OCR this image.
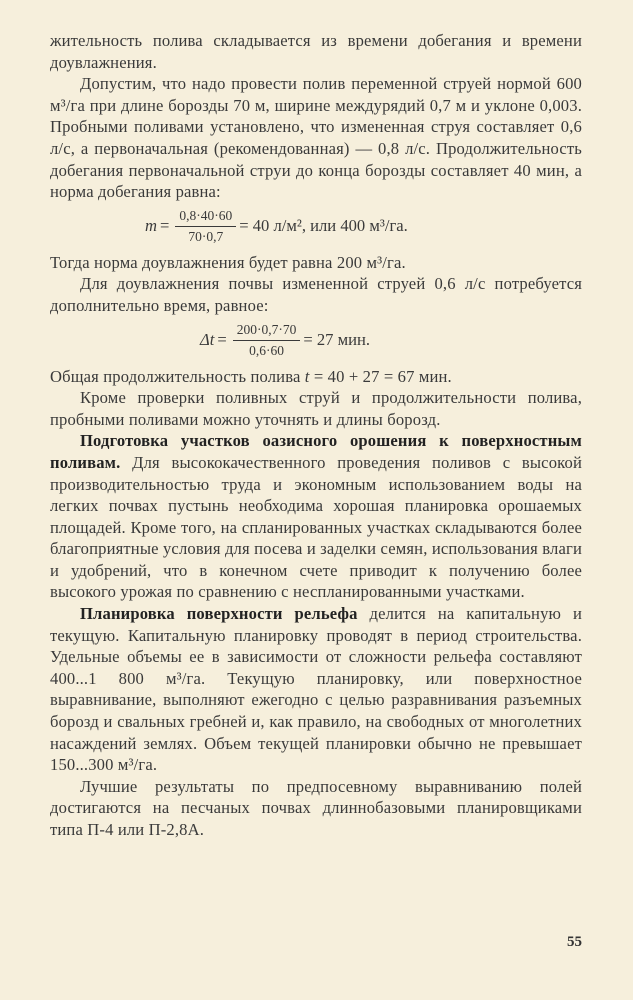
жительность полива складывается из времени добегания и времени доувлажнения.

Допустим, что надо провести полив переменной струей нормой 600 м³/га при длине борозды 70 м, ширине междурядий 0,7 м и уклоне 0,003. Пробными поливами установлено, что измененная струя составляет 0,6 л/с, а первоначальная (рекомендованная) — 0,8 л/с. Продолжительность добегания первоначальной струи до конца борозды составляет 40 мин, а норма добегания равна:

$m = \frac{0,8\cdot 40\cdot 60}{70\cdot 0,7} = 40$ л/м², или 400 м³/га.

Тогда норма доувлажнения будет равна 200 м³/га.

Для доувлажнения почвы измененной струей 0,6 л/с потребуется дополнительно время, равное:

$\Delta t = \frac{200\cdot 0,7\cdot 70}{0,6\cdot 60} = 27$ мин.

Общая продолжительность полива t = 40 + 27 = 67 мин.

Кроме проверки поливных струй и продолжительности полива, пробными поливами можно уточнять и длины борозд.

Подготовка участков оазисного орошения к поверхностным поливам. Для высококачественного проведения поливов с высокой производительностью труда и экономным использованием воды на легких почвах пустынь необходима хорошая планировка орошаемых площадей. Кроме того, на спланированных участках складываются более благоприятные условия для посева и заделки семян, использования влаги и удобрений, что в конечном счете приводит к получению более высокого урожая по сравнению с неспланированными участками.

Планировка поверхности рельефа делится на капитальную и текущую. Капитальную планировку проводят в период строительства. Удельные объемы ее в зависимости от сложности рельефа составляют 400...1 800 м³/га. Текущую планировку, или поверхностное выравнивание, выполняют ежегодно с целью разравнивания разъемных борозд и свальных гребней и, как правило, на свободных от многолетних насаждений землях. Объем текущей планировки обычно не превышает 150...300 м³/га.

Лучшие результаты по предпосевному выравниванию полей достигаются на песчаных почвах длиннобазовыми планировщиками типа П-4 или П-2,8А.

55
